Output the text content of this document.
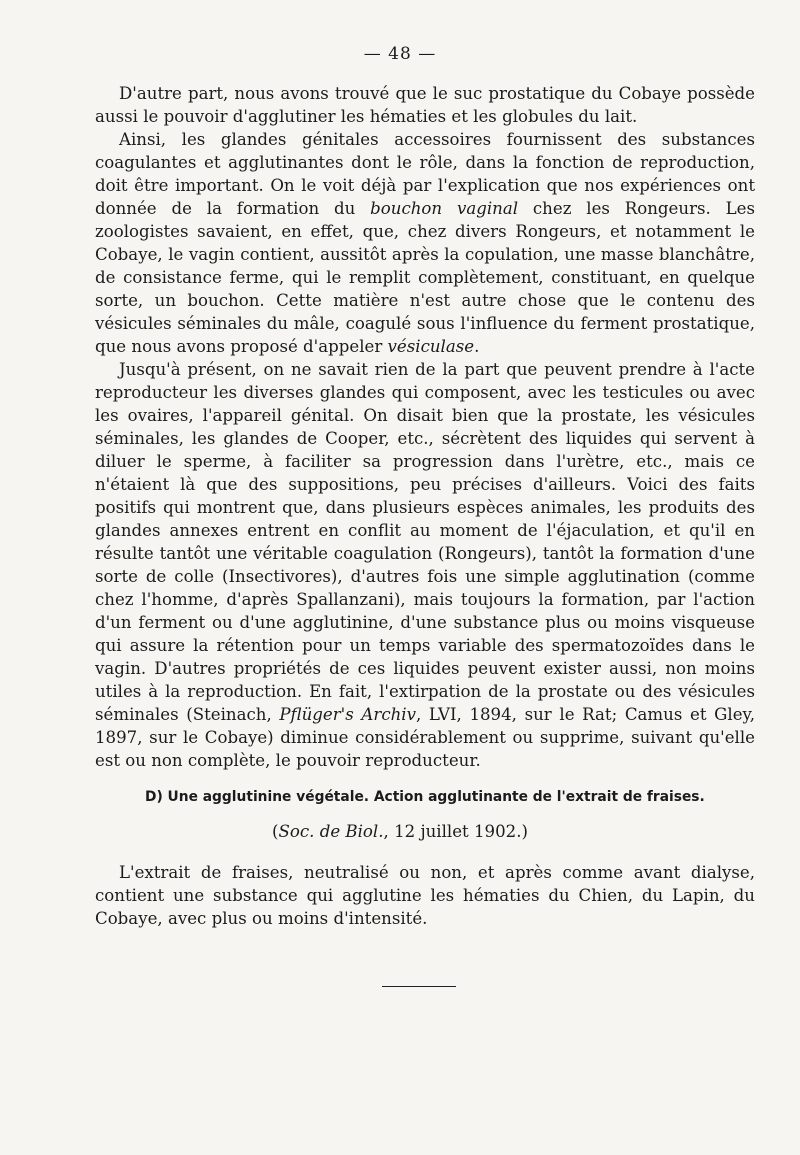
— 48 —

D'autre part, nous avons trouvé que le suc prostatique du Cobaye possède aussi le pouvoir d'agglutiner les hématies et les globules du lait.

Ainsi, les glandes génitales accessoires fournissent des substances coagulantes et agglutinantes dont le rôle, dans la fonction de reproduction, doit être important. On le voit déjà par l'explication que nos expériences ont donnée de la formation du bouchon vaginal chez les Rongeurs. Les zoologistes savaient, en effet, que, chez divers Rongeurs, et notamment le Cobaye, le vagin contient, aussitôt après la copulation, une masse blanchâtre, de consistance ferme, qui le remplit complètement, constituant, en quelque sorte, un bouchon. Cette matière n'est autre chose que le contenu des vésicules séminales du mâle, coagulé sous l'influence du ferment prostatique, que nous avons proposé d'appeler vésiculase.

Jusqu'à présent, on ne savait rien de la part que peuvent prendre à l'acte reproducteur les diverses glandes qui composent, avec les testicules ou avec les ovaires, l'appareil génital. On disait bien que la prostate, les vésicules séminales, les glandes de Cooper, etc., sécrètent des liquides qui servent à diluer le sperme, à faciliter sa progression dans l'urètre, etc., mais ce n'étaient là que des suppositions, peu précises d'ailleurs. Voici des faits positifs qui montrent que, dans plusieurs espèces animales, les produits des glandes annexes entrent en conflit au moment de l'éjaculation, et qu'il en résulte tantôt une véritable coagulation (Rongeurs), tantôt la formation d'une sorte de colle (Insectivores), d'autres fois une simple agglutination (comme chez l'homme, d'après Spallanzani), mais toujours la formation, par l'action d'un ferment ou d'une agglutinine, d'une substance plus ou moins visqueuse qui assure la rétention pour un temps variable des spermatozoïdes dans le vagin. D'autres propriétés de ces liquides peuvent exister aussi, non moins utiles à la reproduction. En fait, l'extirpation de la prostate ou des vésicules séminales (Steinach, Pflüger's Archiv, LVI, 1894, sur le Rat; Camus et Gley, 1897, sur le Cobaye) diminue considérablement ou supprime, suivant qu'elle est ou non complète, le pouvoir reproducteur.

D) Une agglutinine végétale. Action agglutinante de l'extrait de fraises.
(Soc. de Biol., 12 juillet 1902.)

L'extrait de fraises, neutralisé ou non, et après comme avant dialyse, contient une substance qui agglutine les hématies du Chien, du Lapin, du Cobaye, avec plus ou moins d'intensité.
